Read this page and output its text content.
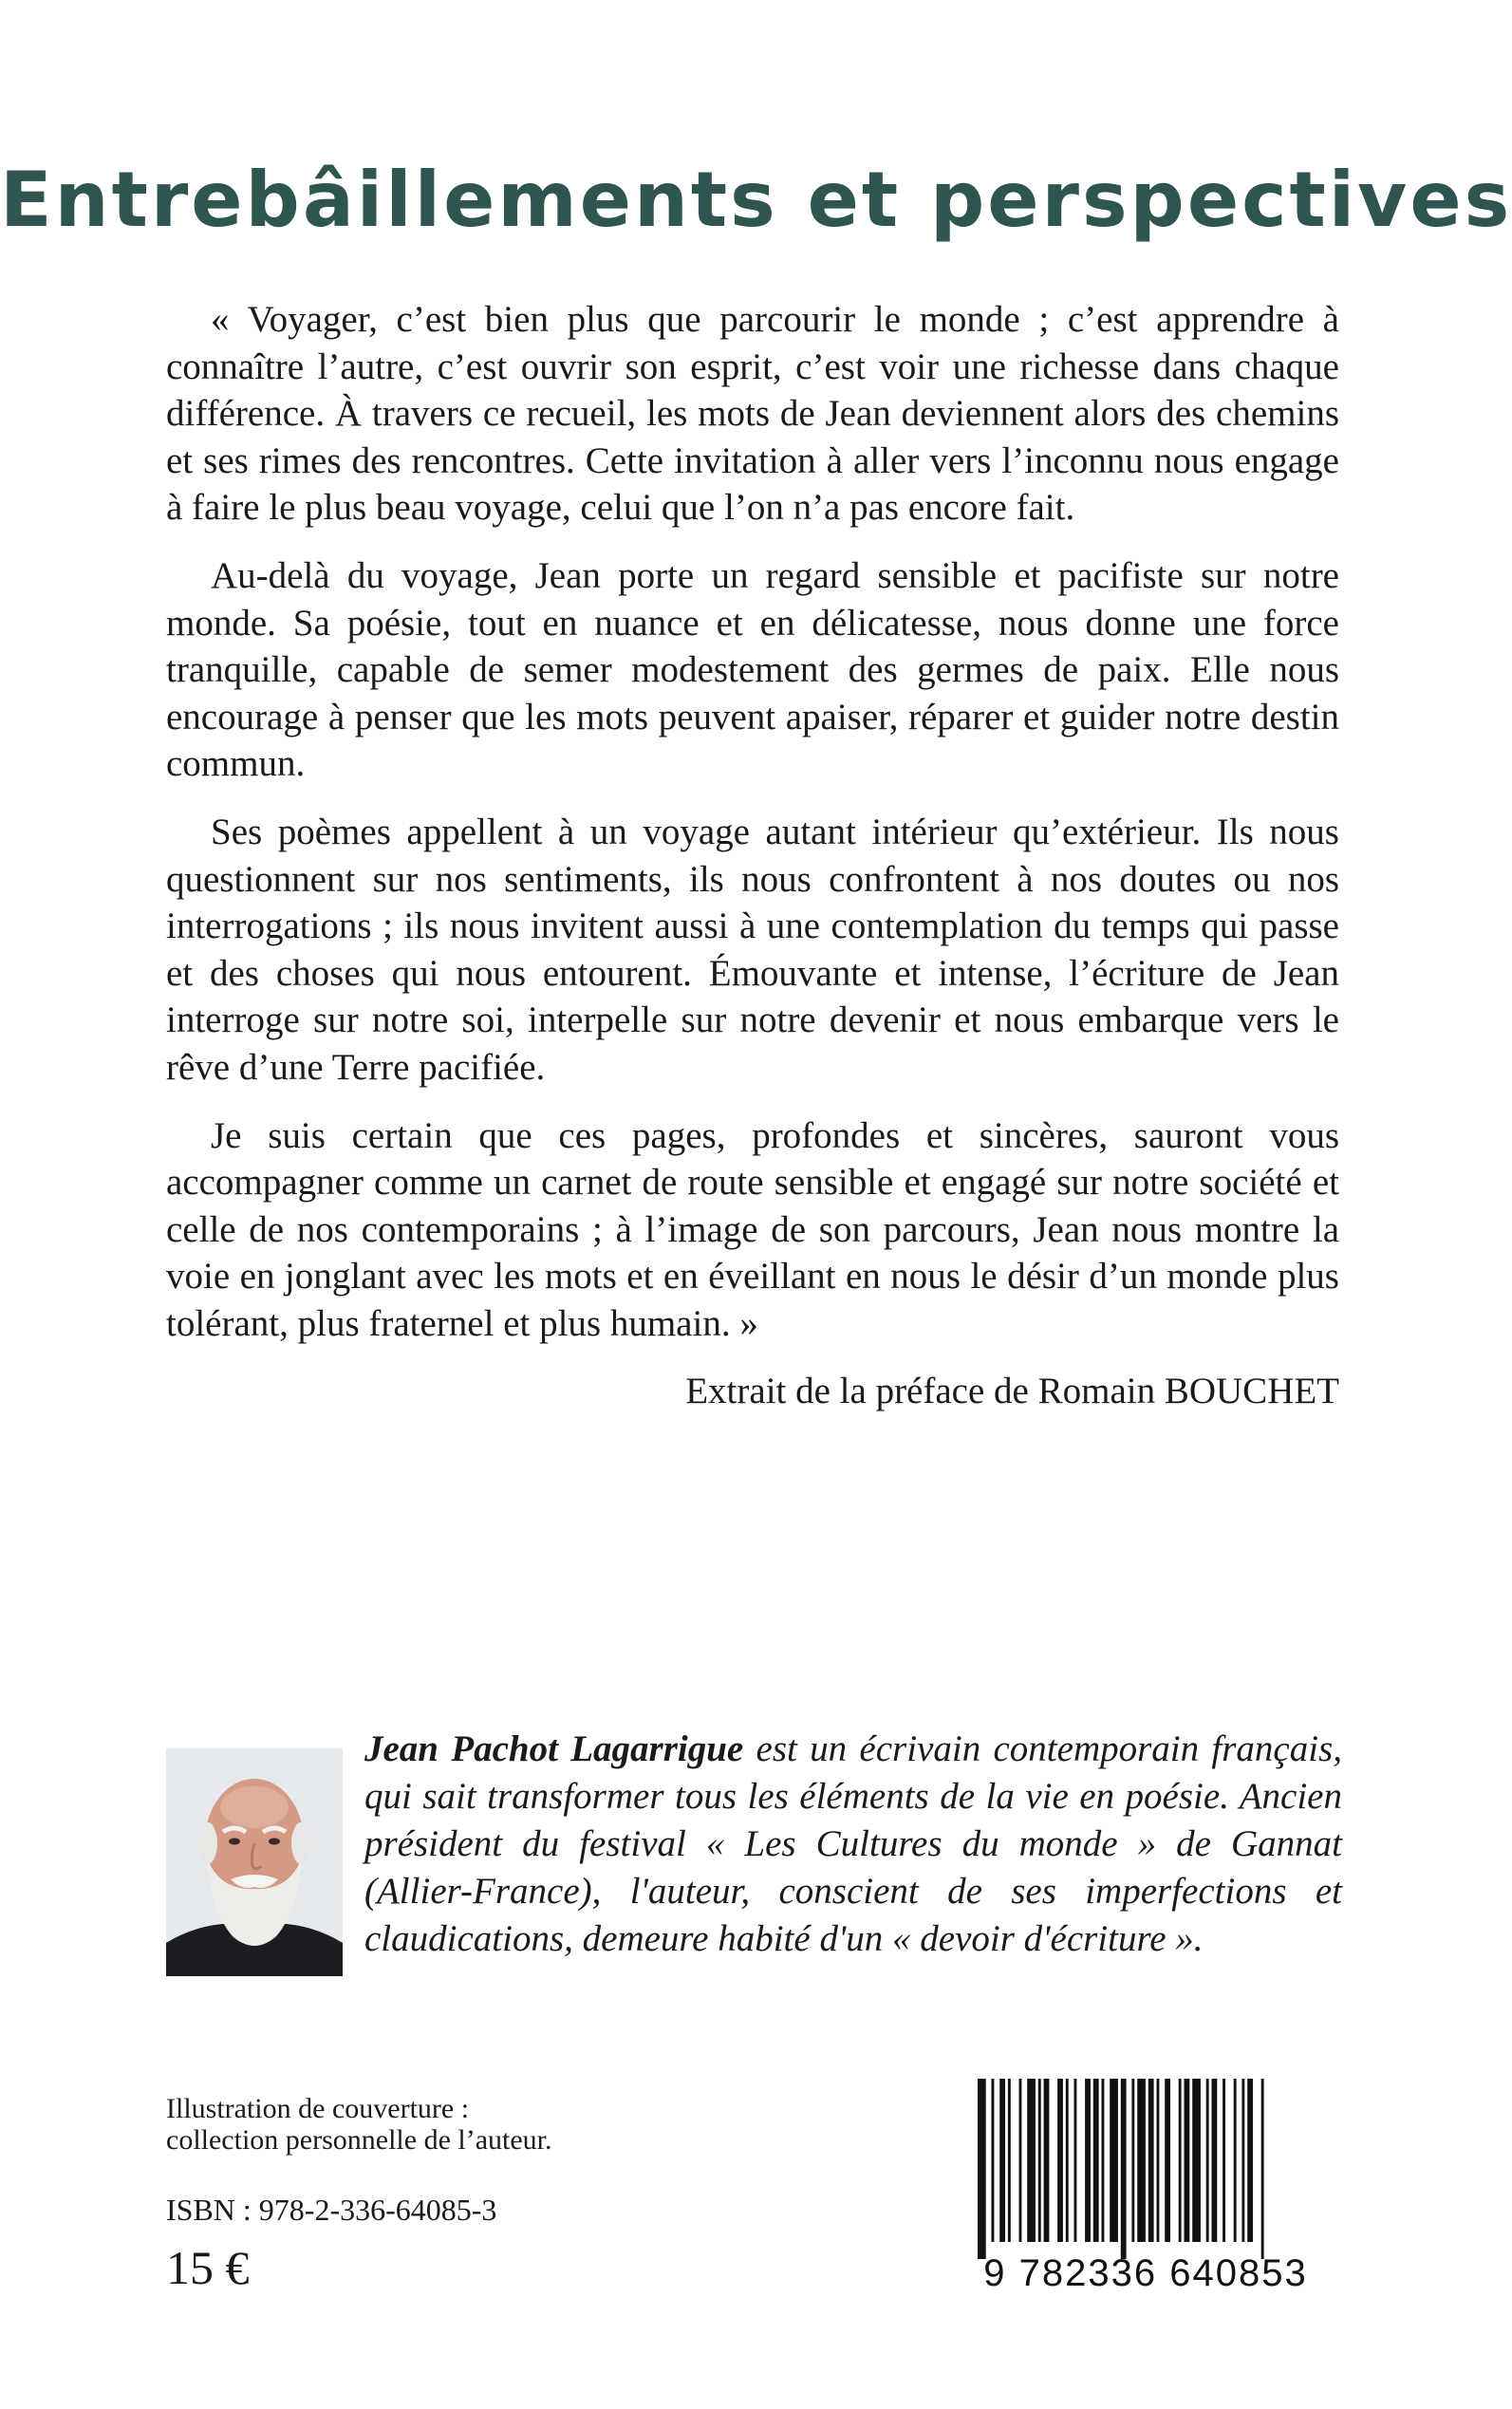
Entrebâillements et perspectives

« Voyager, c’est bien plus que parcourir le monde ; c’est apprendre à connaître l’autre, c’est ouvrir son esprit, c’est voir une richesse dans chaque différence. À travers ce recueil, les mots de Jean deviennent alors des chemins et ses rimes des rencontres. Cette invitation à aller vers l’inconnu nous engage à faire le plus beau voyage, celui que l’on n’a pas encore fait.

Au-delà du voyage, Jean porte un regard sensible et pacifiste sur notre monde. Sa poésie, tout en nuance et en délicatesse, nous donne une force tranquille, capable de semer modestement des germes de paix. Elle nous encourage à penser que les mots peuvent apaiser, réparer et guider notre destin commun.

Ses poèmes appellent à un voyage autant intérieur qu’extérieur. Ils nous questionnent sur nos sentiments, ils nous confrontent à nos doutes ou nos interrogations ; ils nous invitent aussi à une contemplation du temps qui passe et des choses qui nous entourent. Émouvante et intense, l’écriture de Jean interroge sur notre soi, interpelle sur notre devenir et nous embarque vers le rêve d’une Terre pacifiée.

Je suis certain que ces pages, profondes et sincères, sauront vous accompagner comme un carnet de route sensible et engagé sur notre société et celle de nos contemporains ; à l’image de son parcours, Jean nous montre la voie en jonglant avec les mots et en éveillant en nous le désir d’un monde plus tolérant, plus fraternel et plus humain. »

Extrait de la préface de Romain BOUCHET

Jean Pachot Lagarrigue est un écrivain contemporain français, qui sait transformer tous les éléments de la vie en poésie. Ancien président du festival « Les Cultures du monde » de Gannat (Allier-France), l'auteur, conscient de ses imperfections et claudications, demeure habité d'un « devoir d'écriture ».
Illustration de couverture :
collection personnelle de l’auteur.
ISBN : 978-2-336-64085-3
15 €	9 782336 640853
